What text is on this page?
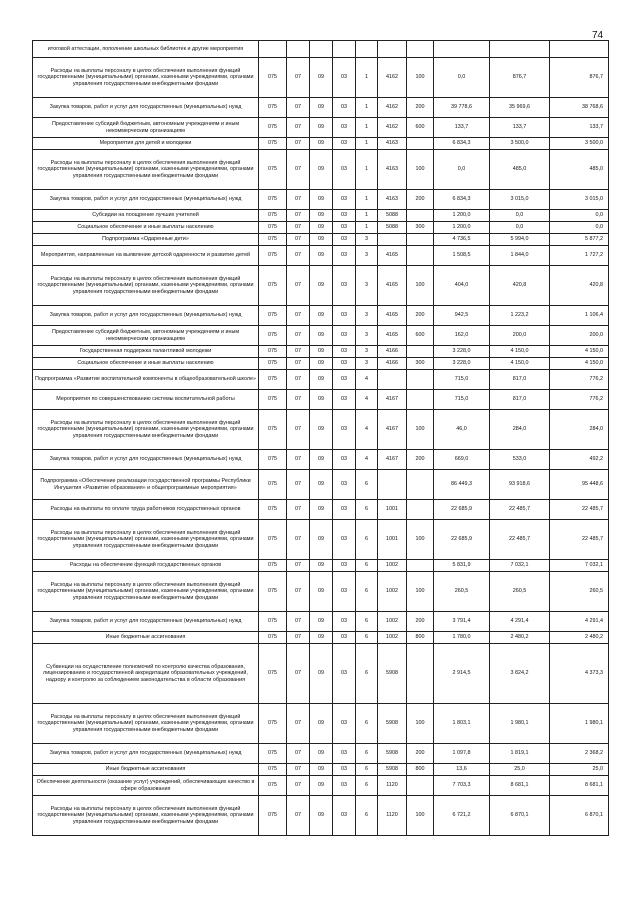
74
итоговой аттестации, пополнение школьных библиотек и другие мероприятия										
Расходы на выплаты персоналу в целях обеспечения выполнения функций государственными (муниципальными) органами, казенными учреждениями, органами управления государственными внебюджетными фондами	075	07	09	03	1	4162	100	0,0	876,7	876,7
Закупка товаров, работ и услуг для государственных (муниципальных) нужд	075	07	09	03	1	4162	200	39 778,6	35 969,6	38 768,6
Предоставление субсидий бюджетным, автономным учреждениям и иным некоммерческим организациям	075	07	09	03	1	4162	600	133,7	133,7	133,7
Мероприятия для детей и молодежи	075	07	09	03	1	4163		6 834,3	3 500,0	3 500,0
Расходы на выплаты персоналу в целях обеспечения выполнения функций государственными (муниципальными) органами, казенными учреждениями, органами управления государственными внебюджетными фондами	075	07	09	03	1	4163	100	0,0	485,0	485,0
Закупка товаров, работ и услуг для государственных (муниципальных) нужд	075	07	09	03	1	4163	200	6 834,3	3 015,0	3 015,0
Субсидии на поощрение лучших учителей	075	07	09	03	1	5088		1 200,0	0,0	0,0
Социальное обеспечение и иные выплаты населению	075	07	09	03	1	5088	300	1 200,0	0,0	0,0
Подпрограмма «Одаренные дети»	075	07	09	03	3			4 736,5	5 994,0	5 877,2
Мероприятия, направленные на выявление детской одаренности и развитие детей	075	07	09	03	3	4165		1 508,5	1 844,0	1 727,2
Расходы на выплаты персоналу в целях обеспечения выполнения функций государственными (муниципальными) органами, казенными учреждениями, органами управления государственными внебюджетными фондами	075	07	09	03	3	4165	100	404,0	420,8	420,8
Закупка товаров, работ и услуг для государственных (муниципальных) нужд	075	07	09	03	3	4165	200	942,5	1 223,2	1 106,4
Предоставление субсидий бюджетным, автономным учреждениям и иным некоммерческим организациям	075	07	09	03	3	4165	600	162,0	200,0	200,0
Государственная поддержка талантливой молодежи	075	07	09	03	3	4166		3 228,0	4 150,0	4 150,0
Социальное обеспечение и иные выплаты населению	075	07	09	03	3	4166	300	3 228,0	4 150,0	4 150,0
Подпрограмма «Развитие воспитательной компоненты в общеобразовательной школе»	075	07	09	03	4			715,0	817,0	776,2
Мероприятия по совершенствованию системы воспитательной работы	075	07	09	03	4	4167		715,0	817,0	776,2
Расходы на выплаты персоналу в целях обеспечения выполнения функций государственными (муниципальными) органами, казенными учреждениями, органами управления государственными внебюджетными фондами	075	07	09	03	4	4167	100	46,0	284,0	284,0
Закупка товаров, работ и услуг для государственных (муниципальных) нужд	075	07	09	03	4	4167	200	669,0	533,0	492,2
Подпрограмма «Обеспечение реализации государственной программы Республики Ингушетия «Развитие образования» и общепрограммные мероприятия»	075	07	09	03	6			86 449,3	93 918,6	95 448,6
Расходы на выплаты по оплате труда работников государственных органов	075	07	09	03	6	1001		22 685,9	22 485,7	22 485,7
Расходы на выплаты персоналу в целях обеспечения выполнения функций государственными (муниципальными) органами, казенными учреждениями, органами управления государственными внебюджетными фондами	075	07	09	03	6	1001	100	22 685,9	22 485,7	22 485,7
Расходы на обеспечение функций государственных органов	075	07	09	03	6	1002		5 831,9	7 032,1	7 032,1
Расходы на выплаты персоналу в целях обеспечения выполнения функций государственными (муниципальными) органами, казенными учреждениями, органами управления государственными внебюджетными фондами	075	07	09	03	6	1002	100	260,5	260,5	260,5
Закупка товаров, работ и услуг для государственных (муниципальных) нужд	075	07	09	03	6	1002	200	3 791,4	4 291,4	4 291,4
Иные бюджетные ассигнования	075	07	09	03	6	1002	800	1 780,0	2 480,2	2 480,2
Субвенции на осуществление полномочий по контролю качества образования, лицензированию и государственной аккредитации образовательных учреждений, надзору и контролю за соблюдением законодательства в области образования	075	07	09	03	6	5908		2 914,5	3 824,2	4 373,3
Расходы на выплаты персоналу в целях обеспечения выполнения функций государственными (муниципальными) органами, казенными учреждениями, органами управления государственными внебюджетными фондами	075	07	09	03	6	5908	100	1 803,1	1 980,1	1 980,1
Закупка товаров, работ и услуг для государственных (муниципальных) нужд	075	07	09	03	6	5908	200	1 097,8	1 819,1	2 368,2
Иные бюджетные ассигнования	075	07	09	03	6	5908	800	13,6	25,0	25,0
Обеспечение деятельности (оказание услуг) учреждений, обеспечивающих качество в сфере образования	075	07	09	03	6	1120		7 703,3	8 681,1	8 681,1
Расходы на выплаты персоналу в целях обеспечения выполнения функций государственными (муниципальными) органами, казенными учреждениями, органами управления государственными внебюджетными фондами	075	07	09	03	6	1120	100	6 721,2	6 870,1	6 870,1
